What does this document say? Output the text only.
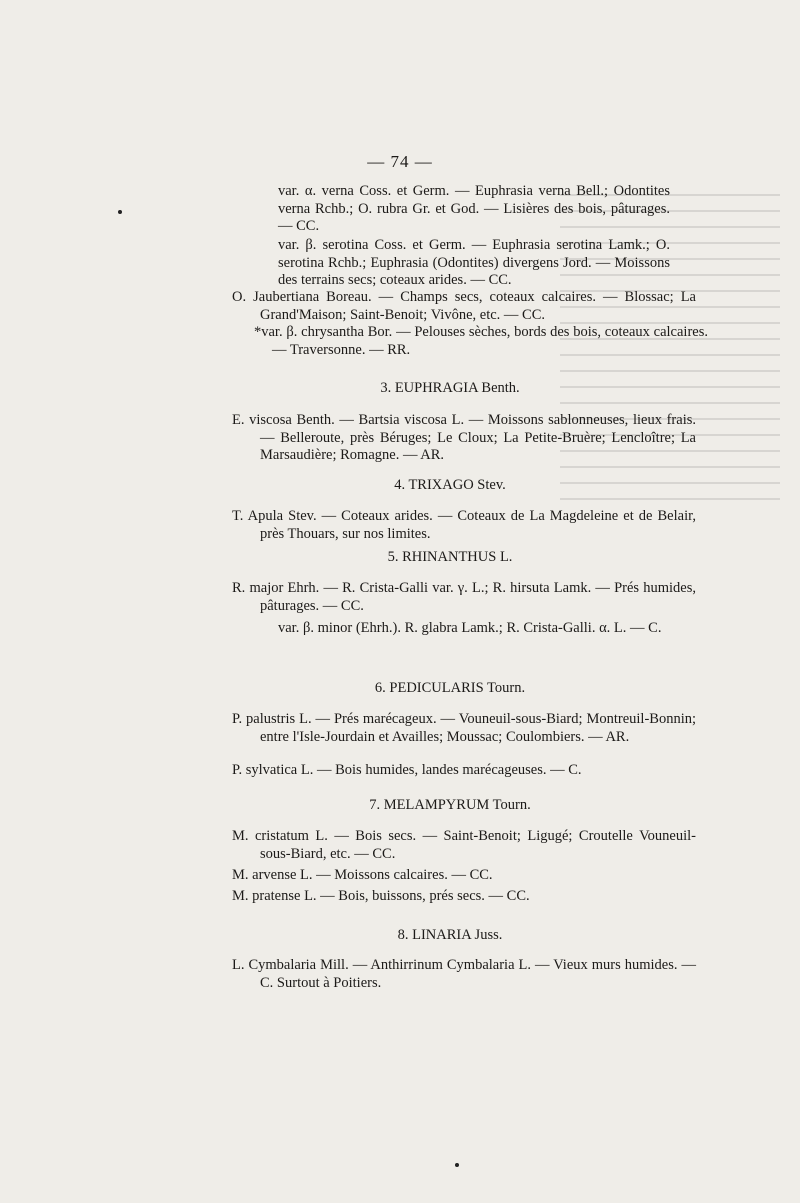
— 74 —

var. α. verna Coss. et Germ. — Euphrasia verna Bell.; Odontites verna Rchb.; O. rubra Gr. et God. — Lisières des bois, pâturages. — CC.

var. β. serotina Coss. et Germ. — Euphrasia serotina Lamk.; O. serotina Rchb.; Euphrasia (Odontites) divergens Jord. — Moissons des terrains secs; coteaux arides. — CC.

O. Jaubertiana Boreau. — Champs secs, coteaux calcaires. — Blossac; La Grand'Maison; Saint-Benoit; Vivône, etc. — CC.

*var. β. chrysantha Bor. — Pelouses sèches, bords des bois, coteaux calcaires. — Traversonne. — RR.

3. EUPHRAGIA Benth.

E. viscosa Benth. — Bartsia viscosa L. — Moissons sablonneuses, lieux frais. — Belleroute, près Béruges; Le Cloux; La Petite-Bruère; Lencloître; La Marsaudière; Romagne. — AR.

4. TRIXAGO Stev.

T. Apula Stev. — Coteaux arides. — Coteaux de La Magdeleine et de Belair, près Thouars, sur nos limites.

5. RHINANTHUS L.

R. major Ehrh. — R. Crista-Galli var. γ. L.; R. hirsuta Lamk. — Prés humides, pâturages. — CC.

var. β. minor (Ehrh.). R. glabra Lamk.; R. Crista-Galli. α. L. — C.

6. PEDICULARIS Tourn.

P. palustris L. — Prés marécageux. — Vouneuil-sous-Biard; Montreuil-Bonnin; entre l'Isle-Jourdain et Availles; Moussac; Coulombiers. — AR.

P. sylvatica L. — Bois humides, landes marécageuses. — C.

7. MELAMPYRUM Tourn.

M. cristatum L. — Bois secs. — Saint-Benoit; Ligugé; Croutelle Vouneuil-sous-Biard, etc. — CC.

M. arvense L. — Moissons calcaires. — CC.

M. pratense L. — Bois, buissons, prés secs. — CC.

8. LINARIA Juss.

L. Cymbalaria Mill. — Anthirrinum Cymbalaria L. — Vieux murs humides. — C. Surtout à Poitiers.
